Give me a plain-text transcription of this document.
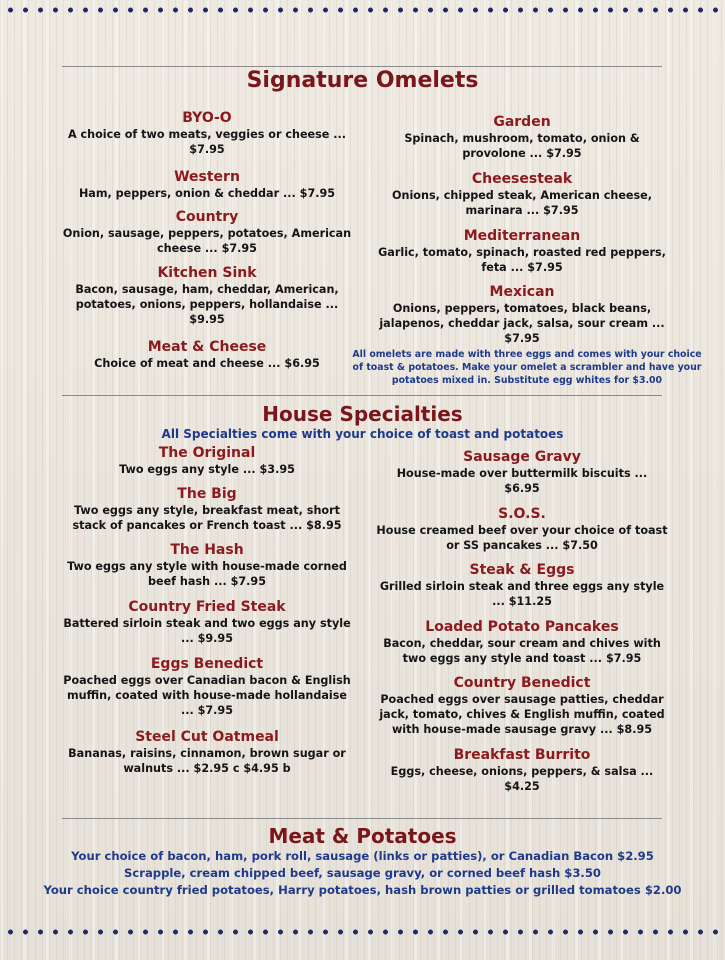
Signature Omelets
BYO-O
A choice of two meats, veggies or cheese ...
$7.95
Western
Ham, peppers, onion & cheddar ... $7.95
Country
Onion, sausage, peppers, potatoes, American
cheese ... $7.95
Kitchen Sink
Bacon, sausage, ham, cheddar, American,
potatoes, onions, peppers, hollandaise ...
$9.95
Meat & Cheese
Choice of meat and cheese ... $6.95
Garden
Spinach, mushroom, tomato, onion &
provolone ... $7.95
Cheesesteak
Onions, chipped steak, American cheese,
marinara ... $7.95
Mediterranean
Garlic, tomato, spinach, roasted red peppers,
feta ... $7.95
Mexican
Onions, peppers, tomatoes, black beans,
jalapenos, cheddar jack, salsa, sour cream ...
$7.95
All omelets are made with three eggs and comes with your choice
of toast & potatoes. Make your omelet a scrambler and have your
potatoes mixed in. Substitute egg whites for $3.00
House Specialties
All Specialties come with your choice of toast and potatoes
The Original
Two eggs any style ... $3.95
The Big
Two eggs any style, breakfast meat, short
stack of pancakes or French toast ... $8.95
The Hash
Two eggs any style with house-made corned
beef hash ... $7.95
Country Fried Steak
Battered sirloin steak and two eggs any style
... $9.95
Eggs Benedict
Poached eggs over Canadian bacon & English
muffin, coated with house-made hollandaise
... $7.95
Steel Cut Oatmeal
Bananas, raisins, cinnamon, brown sugar or
walnuts ... $2.95 c $4.95 b
Sausage Gravy
House-made over buttermilk biscuits ...
$6.95
S.O.S.
House creamed beef over your choice of toast
or SS pancakes ... $7.50
Steak & Eggs
Grilled sirloin steak and three eggs any style
... $11.25
Loaded Potato Pancakes
Bacon, cheddar, sour cream and chives with
two eggs any style and toast ... $7.95
Country Benedict
Poached eggs over sausage patties, cheddar
jack, tomato, chives & English muffin, coated
with house-made sausage gravy ... $8.95
Breakfast Burrito
Eggs, cheese, onions, peppers, & salsa ...
$4.25
Meat & Potatoes
Your choice of bacon, ham, pork roll, sausage (links or patties), or Canadian Bacon $2.95
Scrapple, cream chipped beef, sausage gravy, or corned beef hash $3.50
Your choice country fried potatoes, Harry potatoes, hash brown patties or grilled tomatoes $2.00
